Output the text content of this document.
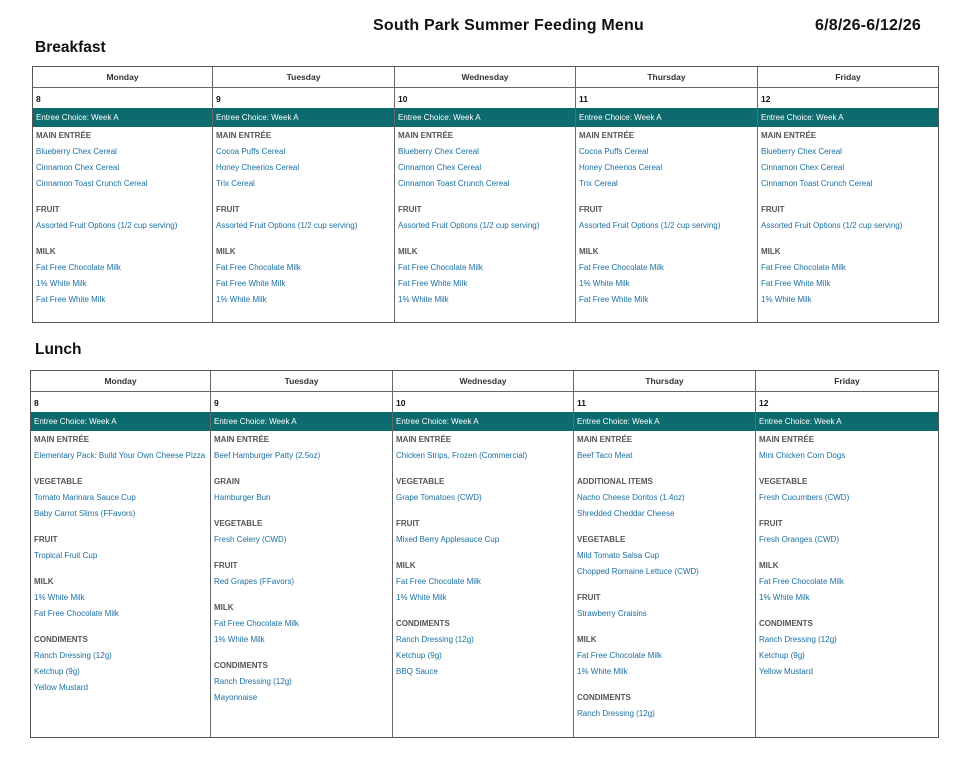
South Park Summer Feeding Menu	6/8/26-6/12/26
Breakfast
Monday
8
Entree Choice: Week A
MAIN ENTRÉE
Blueberry Chex Cereal
Cinnamon Chex Cereal
Cinnamon Toast Crunch Cereal
FRUIT
Assorted Fruit Options (1/2 cup serving)
MILK
Fat Free Chocolate Milk
1% White Milk
Fat Free White Milk
Tuesday
9
Entree Choice: Week A
MAIN ENTRÉE
Cocoa Puffs Cereal
Honey Cheerios Cereal
Trix Cereal
FRUIT
Assorted Fruit Options (1/2 cup serving)
MILK
Fat Free Chocolate Milk
Fat Free White Milk
1% White Milk
Wednesday
10
Entree Choice: Week A
MAIN ENTRÉE
Blueberry Chex Cereal
Cinnamon Chex Cereal
Cinnamon Toast Crunch Cereal
FRUIT
Assorted Fruit Options (1/2 cup serving)
MILK
Fat Free Chocolate Milk
Fat Free White Milk
1% White Milk
Thursday
11
Entree Choice: Week A
MAIN ENTRÉE
Cocoa Puffs Cereal
Honey Cheerios Cereal
Trix Cereal
FRUIT
Assorted Fruit Options (1/2 cup serving)
MILK
Fat Free Chocolate Milk
1% White Milk
Fat Free White Milk
Friday
12
Entree Choice: Week A
MAIN ENTRÉE
Blueberry Chex Cereal
Cinnamon Chex Cereal
Cinnamon Toast Crunch Cereal
FRUIT
Assorted Fruit Options (1/2 cup serving)
MILK
Fat Free Chocolate Milk
Fat Free White Milk
1% White Milk
Lunch
Monday
8
Entree Choice: Week A
MAIN ENTRÉE
Elementary Pack: Build Your Own Cheese Pizza
VEGETABLE
Tomato Marinara Sauce Cup
Baby Carrot Slims (FFavors)
FRUIT
Tropical Fruit Cup
MILK
1% White Milk
Fat Free Chocolate Milk
CONDIMENTS
Ranch Dressing (12g)
Ketchup (9g)
Yellow Mustard
Tuesday
9
Entree Choice: Week A
MAIN ENTRÉE
Beef Hamburger Patty (2.5oz)
GRAIN
Hamburger Bun
VEGETABLE
Fresh Celery (CWD)
FRUIT
Red Grapes (FFavors)
MILK
Fat Free Chocolate Milk
1% White Milk
CONDIMENTS
Ranch Dressing (12g)
Mayonnaise
Wednesday
10
Entree Choice: Week A
MAIN ENTRÉE
Chicken Strips, Frozen (Commercial)
VEGETABLE
Grape Tomatoes (CWD)
FRUIT
Mixed Berry Applesauce Cup
MILK
Fat Free Chocolate Milk
1% White Milk
CONDIMENTS
Ranch Dressing (12g)
Ketchup (9g)
BBQ Sauce
Thursday
11
Entree Choice: Week A
MAIN ENTRÉE
Beef Taco Meat
ADDITIONAL ITEMS
Nacho Cheese Doritos (1.4oz)
Shredded Cheddar Cheese
VEGETABLE
Mild Tomato Salsa Cup
Chopped Romaine Lettuce (CWD)
FRUIT
Strawberry Craisins
MILK
Fat Free Chocolate Milk
1% White Milk
CONDIMENTS
Ranch Dressing (12g)
Friday
12
Entree Choice: Week A
MAIN ENTRÉE
Mini Chicken Corn Dogs
VEGETABLE
Fresh Cucumbers (CWD)
FRUIT
Fresh Oranges (CWD)
MILK
Fat Free Chocolate Milk
1% White Milk
CONDIMENTS
Ranch Dressing (12g)
Ketchup (9g)
Yellow Mustard
